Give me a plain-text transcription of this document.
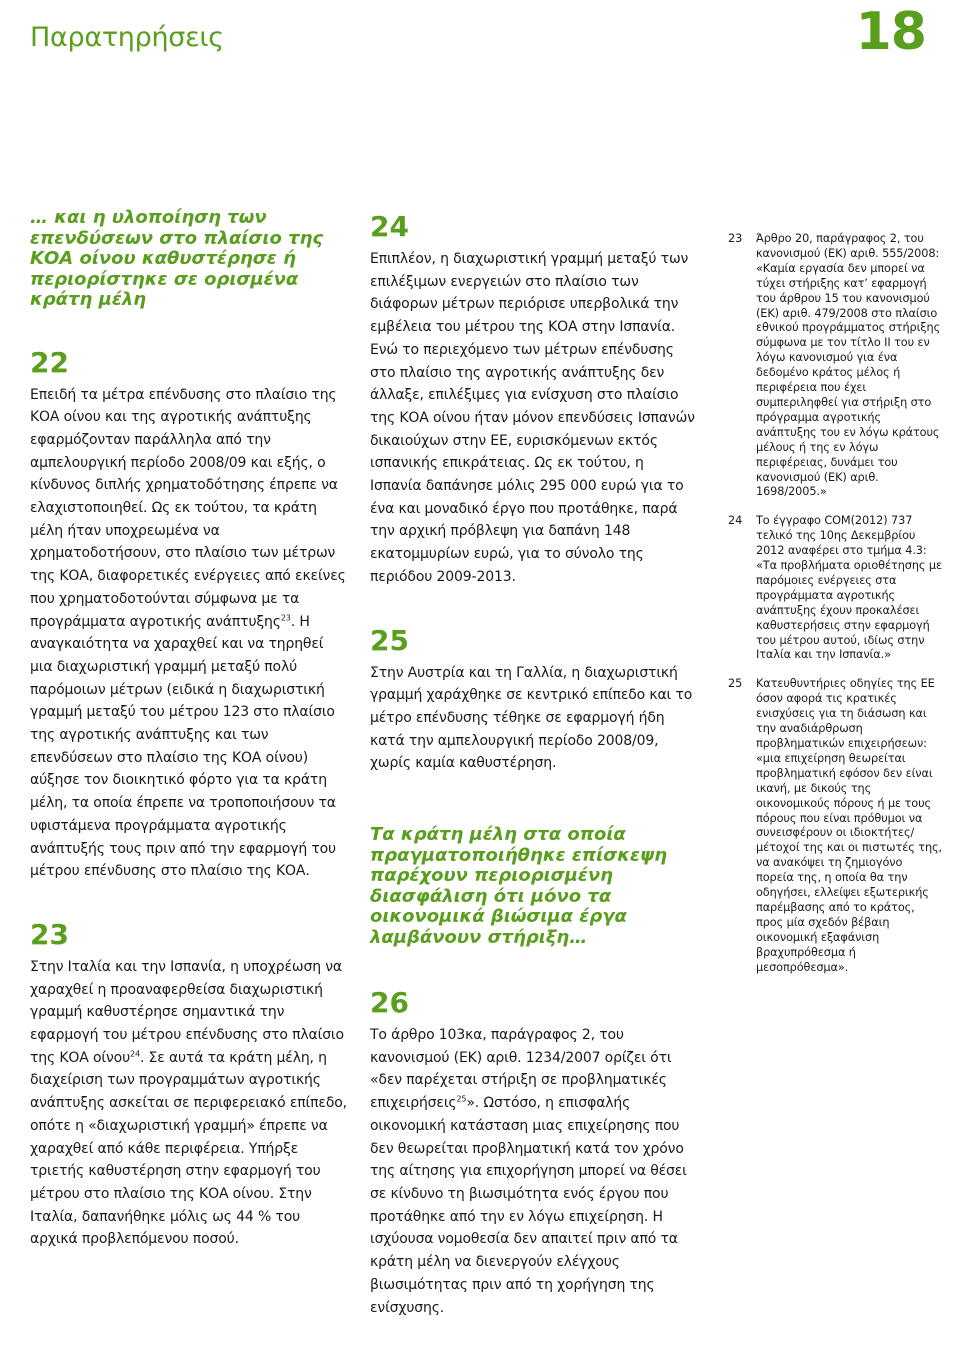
Παρατηρήσεις	18
… και η υλοποίηση των επενδύσεων στο πλαίσιο της ΚΟΑ οίνου καθυστέρησε ή περιορίστηκε σε ορισμένα κράτη μέλη
22

Επειδή τα μέτρα επένδυσης στο πλαίσιο της ΚΟΑ οίνου και της αγροτικής ανάπτυξης εφαρμόζονταν παράλληλα από την αμπελουργική περίοδο 2008/09 και εξής, ο κίνδυνος διπλής χρηματοδότησης έπρεπε να ελαχιστοποιηθεί. Ως εκ τούτου, τα κράτη μέλη ήταν υποχρεωμένα να χρηματοδοτήσουν, στο πλαίσιο των μέτρων της ΚΟΑ, διαφορετικές ενέργειες από εκείνες που χρηματοδοτούνται σύμφωνα με τα προγράμματα αγροτικής ανάπτυξης$^{23}$. Η αναγκαιότητα να χαραχθεί και να τηρηθεί μια διαχωριστική γραμμή μεταξύ πολύ παρόμοιων μέτρων (ειδικά η διαχωριστική γραμμή μεταξύ του μέτρου 123 στο πλαίσιο της αγροτικής ανάπτυξης και των επενδύσεων στο πλαίσιο της ΚΟΑ οίνου) αύξησε τον διοικητικό φόρτο για τα κράτη μέλη, τα οποία έπρεπε να τροποποιήσουν τα υφιστάμενα προγράμματα αγροτικής ανάπτυξής τους πριν από την εφαρμογή του μέτρου επένδυσης στο πλαίσιο της ΚΟΑ.

23

Στην Ιταλία και την Ισπανία, η υποχρέωση να χαραχθεί η προαναφερθείσα διαχωριστική γραμμή καθυστέρησε σημαντικά την εφαρμογή του μέτρου επένδυσης στο πλαίσιο της ΚΟΑ οίνου$^{24}$. Σε αυτά τα κράτη μέλη, η διαχείριση των προγραμμάτων αγροτικής ανάπτυξης ασκείται σε περιφερειακό επίπεδο, οπότε η «διαχωριστική γραμμή» έπρεπε να χαραχθεί από κάθε περιφέρεια. Υπήρξε τριετής καθυστέρηση στην εφαρμογή του μέτρου στο πλαίσιο της ΚΟΑ οίνου. Στην Ιταλία, δαπανήθηκε μόλις ως 44 % του αρχικά προβλεπόμενου ποσού.

24

Επιπλέον, η διαχωριστική γραμμή μεταξύ των επιλέξιμων ενεργειών στο πλαίσιο των διάφορων μέτρων περιόρισε υπερβολικά την εμβέλεια του μέτρου της ΚΟΑ στην Ισπανία. Ενώ το περιεχόμενο των μέτρων επένδυσης στο πλαίσιο της αγροτικής ανάπτυξης δεν άλλαξε, επιλέξιμες για ενίσχυση στο πλαίσιο της ΚΟΑ οίνου ήταν μόνον επενδύσεις Ισπανών δικαιούχων στην ΕΕ, ευρισκόμενων εκτός ισπανικής επικράτειας. Ως εκ τούτου, η Ισπανία δαπάνησε μόλις 295 000 ευρώ για το ένα και μοναδικό έργο που προτάθηκε, παρά την αρχική πρόβλεψη για δαπάνη 148 εκατομμυρίων ευρώ, για το σύνολο της περιόδου 2009-2013.

25

Στην Αυστρία και τη Γαλλία, η διαχωριστική γραμμή χαράχθηκε σε κεντρικό επίπεδο και το μέτρο επένδυσης τέθηκε σε εφαρμογή ήδη κατά την αμπελουργική περίοδο 2008/09, χωρίς καμία καθυστέρηση.

Τα κράτη μέλη στα οποία πραγματοποιήθηκε επίσκεψη παρέχουν περιορισμένη διασφάλιση ότι μόνο τα οικονομικά βιώσιμα έργα λαμβάνουν στήριξη…
26

Το άρθρο 103κα, παράγραφος 2, του κανονισμού (ΕΚ) αριθ. 1234/2007 ορίζει ότι «δεν παρέχεται στήριξη σε προβληματικές επιχειρήσεις$^{25}$». Ωστόσο, η επισφαλής οικονομική κατάσταση μιας επιχείρησης που δεν θεωρείται προβληματική κατά τον χρόνο της αίτησης για επιχορήγηση μπορεί να θέσει σε κίνδυνο τη βιωσιμότητα ενός έργου που προτάθηκε από την εν λόγω επιχείρηση. Η ισχύουσα νομοθεσία δεν απαιτεί πριν από τα κράτη μέλη να διενεργούν ελέγχους βιωσιμότητας πριν από τη χορήγηση της ενίσχυσης.

23	Άρθρο 20, παράγραφος 2, του κανονισμού (ΕΚ) αριθ. 555/2008: «Καμία εργασία δεν μπορεί να τύχει στήριξης κατ’ εφαρμογή του άρθρου 15 του κανονισμού (ΕΚ) αριθ. 479/2008 στο πλαίσιο εθνικού προγράμματος στήριξης σύμφωνα με τον τίτλο II του εν λόγω κανονισμού για ένα δεδομένο κράτος μέλος ή περιφέρεια που έχει συμπεριληφθεί για στήριξη στο πρόγραμμα αγροτικής ανάπτυξης του εν λόγω κράτους μέλους ή της εν λόγω περιφέρειας, δυνάμει του κανονισμού (ΕΚ) αριθ. 1698/2005.»
24	Το έγγραφο COM(2012) 737 τελικό της 10ης Δεκεμβρίου 2012 αναφέρει στο τμήμα 4.3: «Τα προβλήματα οριοθέτησης με παρόμοιες ενέργειες στα προγράμματα αγροτικής ανάπτυξης έχουν προκαλέσει καθυστερήσεις στην εφαρμογή του μέτρου αυτού, ιδίως στην Ιταλία και την Ισπανία.»
25	Κατευθυντήριες οδηγίες της ΕΕ όσον αφορά τις κρατικές ενισχύσεις για τη διάσωση και την αναδιάρθρωση προβληματικών επιχειρήσεων: «μια επιχείρηση θεωρείται προβληματική εφόσον δεν είναι ικανή, με δικούς της οικονομικούς πόρους ή με τους πόρους που είναι πρόθυμοι να συνεισφέρουν οι ιδιοκτήτες/μέτοχοί της και οι πιστωτές της, να ανακόψει τη ζημιογόνο πορεία της, η οποία θα την οδηγήσει, ελλείψει εξωτερικής παρέμβασης από το κράτος, προς μία σχεδόν βέβαιη οικονομική εξαφάνιση βραχυπρόθεσμα ή μεσοπρόθεσμα».
